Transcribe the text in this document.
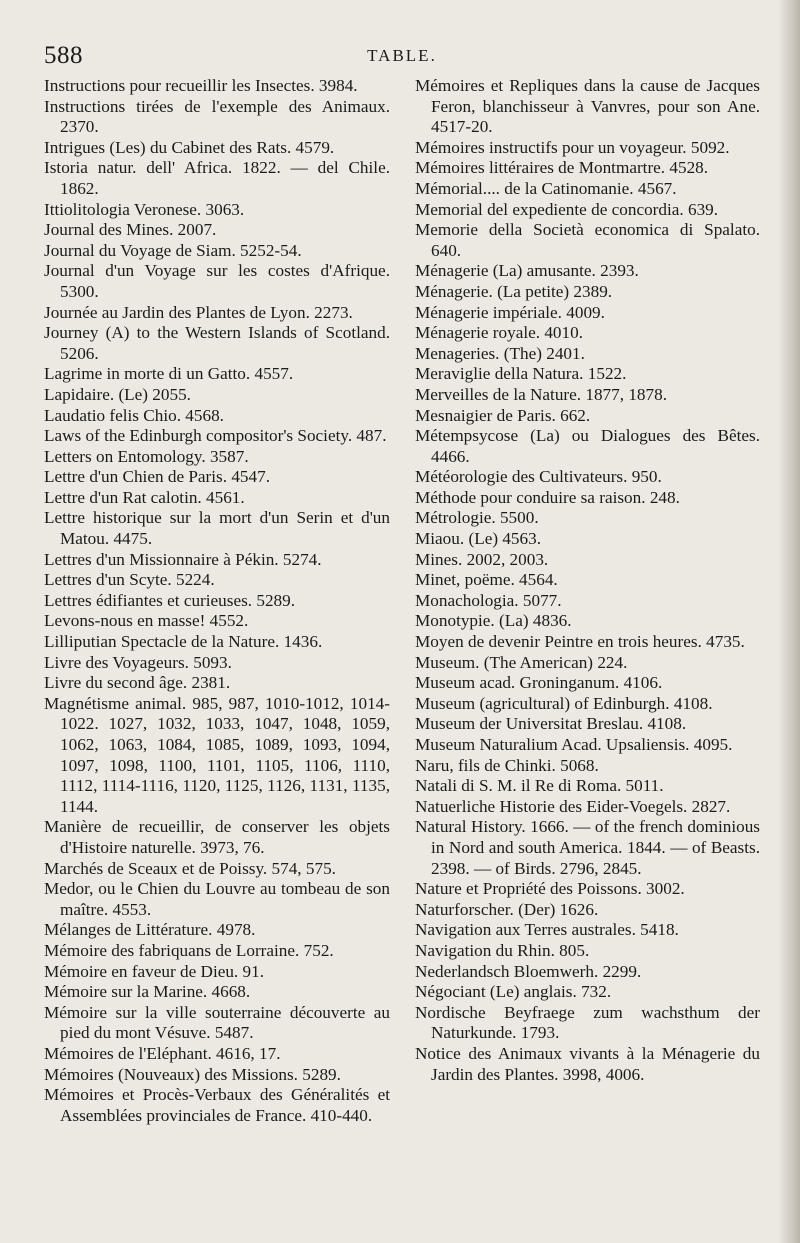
588	TABLE.

Instructions pour recueillir les Insectes. 3984.

Instructions tirées de l'exemple des Animaux. 2370.

Intrigues (Les) du Cabinet des Rats. 4579.

Istoria natur. dell' Africa. 1822. — del Chile. 1862.

Ittiolitologia Veronese. 3063.

Journal des Mines. 2007.

Journal du Voyage de Siam. 5252-54.

Journal d'un Voyage sur les costes d'Afrique. 5300.

Journée au Jardin des Plantes de Lyon. 2273.

Journey (A) to the Western Islands of Scotland. 5206.

Lagrime in morte di un Gatto. 4557.

Lapidaire. (Le) 2055.

Laudatio felis Chio. 4568.

Laws of the Edinburgh compositor's Society. 487.

Letters on Entomology. 3587.

Lettre d'un Chien de Paris. 4547.

Lettre d'un Rat calotin. 4561.

Lettre historique sur la mort d'un Serin et d'un Matou. 4475.

Lettres d'un Missionnaire à Pékin. 5274.

Lettres d'un Scyte. 5224.

Lettres édifiantes et curieuses. 5289.

Levons-nous en masse! 4552.

Lilliputian Spectacle de la Nature. 1436.

Livre des Voyageurs. 5093.

Livre du second âge. 2381.

Magnétisme animal. 985, 987, 1010-1012, 1014-1022. 1027, 1032, 1033, 1047, 1048, 1059, 1062, 1063, 1084, 1085, 1089, 1093, 1094, 1097, 1098, 1100, 1101, 1105, 1106, 1110, 1112, 1114-1116, 1120, 1125, 1126, 1131, 1135, 1144.

Manière de recueillir, de conserver les objets d'Histoire naturelle. 3973, 76.

Marchés de Sceaux et de Poissy. 574, 575.

Medor, ou le Chien du Louvre au tombeau de son maître. 4553.

Mélanges de Littérature. 4978.

Mémoire des fabriquans de Lorraine. 752.

Mémoire en faveur de Dieu. 91.

Mémoire sur la Marine. 4668.

Mémoire sur la ville souterraine découverte au pied du mont Vésuve. 5487.

Mémoires de l'Eléphant. 4616, 17.

Mémoires (Nouveaux) des Missions. 5289.

Mémoires et Procès-Verbaux des Généralités et Assemblées provinciales de France. 410-440.

Mémoires et Repliques dans la cause de Jacques Feron, blanchisseur à Vanvres, pour son Ane. 4517-20.

Mémoires instructifs pour un voyageur. 5092.

Mémoires littéraires de Montmartre. 4528.

Mémorial.... de la Catinomanie. 4567.

Memorial del expediente de concordia. 639.

Memorie della Società economica di Spalato. 640.

Ménagerie (La) amusante. 2393.

Ménagerie. (La petite) 2389.

Ménagerie impériale. 4009.

Ménagerie royale. 4010.

Menageries. (The) 2401.

Meraviglie della Natura. 1522.

Merveilles de la Nature. 1877, 1878.

Mesnaigier de Paris. 662.

Métempsycose (La) ou Dialogues des Bêtes. 4466.

Météorologie des Cultivateurs. 950.

Méthode pour conduire sa raison. 248.

Métrologie. 5500.

Miaou. (Le) 4563.

Mines. 2002, 2003.

Minet, poëme. 4564.

Monachologia. 5077.

Monotypie. (La) 4836.

Moyen de devenir Peintre en trois heures. 4735.

Museum. (The American) 224.

Museum acad. Groninganum. 4106.

Museum (agricultural) of Edinburgh. 4108.

Museum der Universitat Breslau. 4108.

Museum Naturalium Acad. Upsaliensis. 4095.

Naru, fils de Chinki. 5068.

Natali di S. M. il Re di Roma. 5011.

Natuerliche Historie des Eider-Voegels. 2827.

Natural History. 1666. — of the french dominious in Nord and south America. 1844. — of Beasts. 2398. — of Birds. 2796, 2845.

Nature et Propriété des Poissons. 3002.

Naturforscher. (Der) 1626.

Navigation aux Terres australes. 5418.

Navigation du Rhin. 805.

Nederlandsch Bloemwerh. 2299.

Négociant (Le) anglais. 732.

Nordische Beyfraege zum wachsthum der Naturkunde. 1793.

Notice des Animaux vivants à la Ménagerie du Jardin des Plantes. 3998, 4006.
